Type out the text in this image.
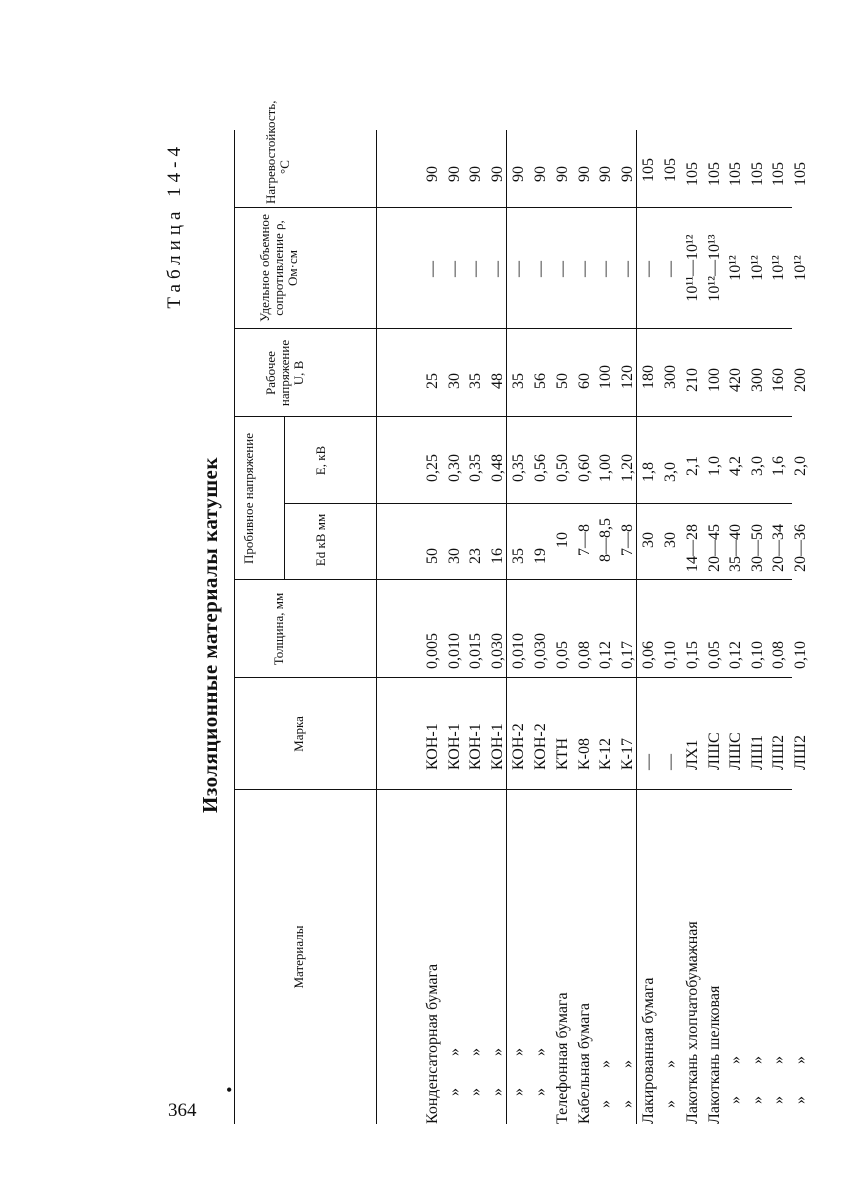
364
•
Таблица 14-4
Изоляционные материалы катушек
Материалы
Марка
Толщина, мм
Пробивное напряжение	Ed кВ мм
E, кВ
Рабочее напряжение U, В
Удельное объемное сопротивление ρ, Ом·см
Нагревостойкость, °С

Конденсаторная бумага »        » »        » »        » »        » »        »

КОН-1 КОН-1 КОН-1 КОН-1 КОН-2 КОН-2

0,005 0,010 0,015 0,030 0,010 0,030

50 30 23 16 35 19

0,25 0,30 0,35 0,48 0,35 0,56

25 30 35 48 35 56

— — — — — —

90 90 90 90 90 90

Телефонная бумага Кабельная бумага »        » »        » Лакированная бумага »        »

КТН К-08 К-12 К-17 — —

0,05 0,08 0,12 0,17 0,06 0,10

10 7—8 8—8,5 7—8 30 30

0,50 0,60 1,00 1,20 1,8 3,0

50 60 100 120 180 300

— — — — — —

90 90 90 90 105 105

Лакоткань хлопчатобумажная Лакоткань шелковая »        » »        » »        » »        »

ЛХ1 ЛШС ЛШС ЛШ1 ЛШ2 ЛШ2

0,15 0,05 0,12 0,10 0,08 0,10

14—28 20—45 35—40 30—50 20—34 20—36

2,1 1,0 4,2 3,0 1,6 2,0

210 100 420 300 160 200

10¹¹—10¹² 10¹²—10¹³ 10¹² 10¹² 10¹² 10¹²

105 105 105 105 105 105
